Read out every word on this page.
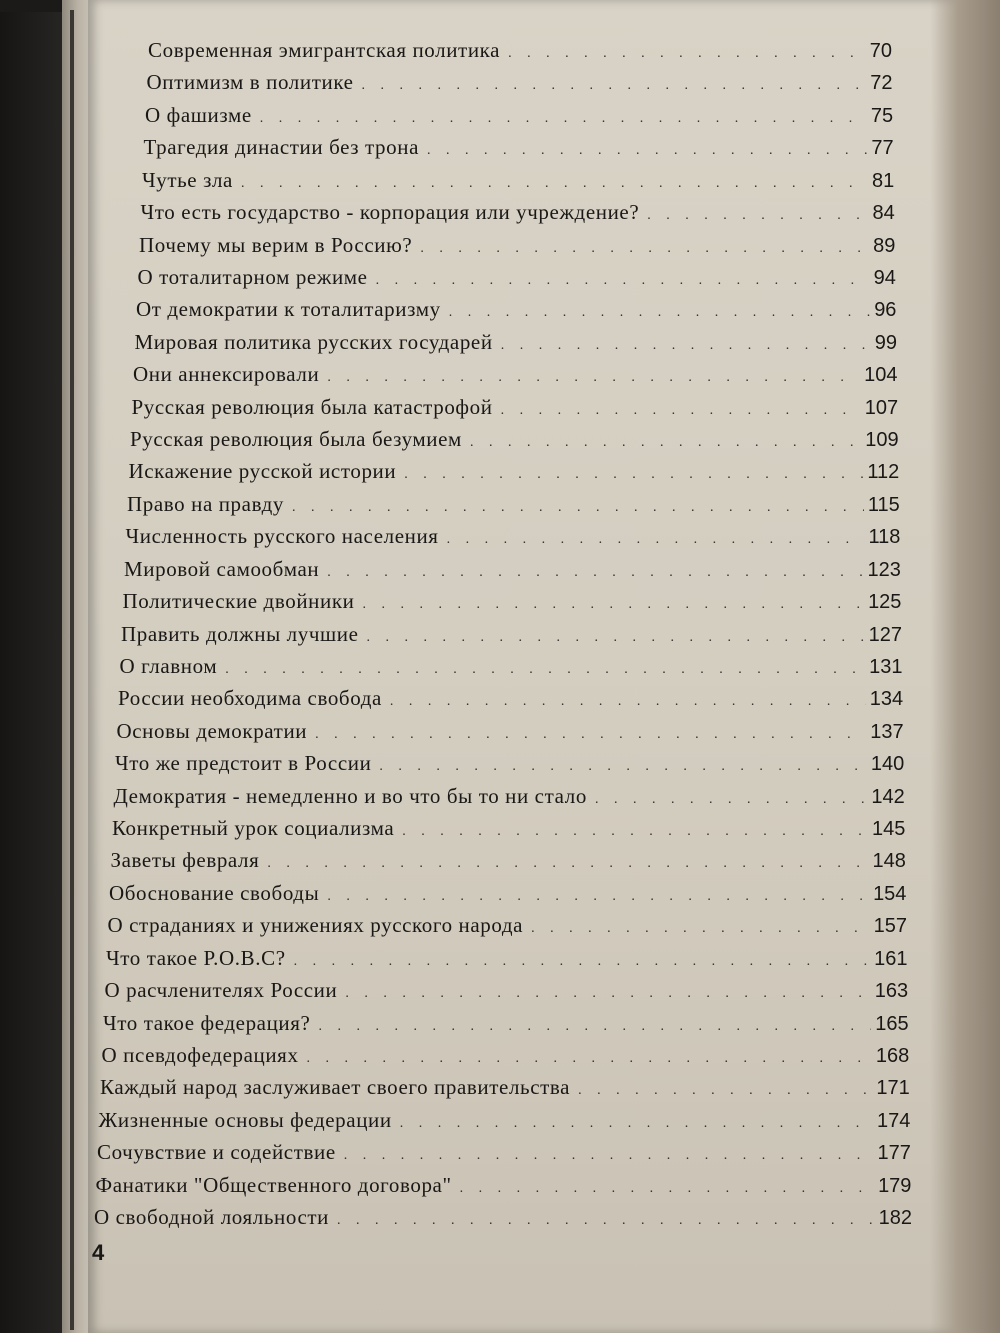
Современная эмигрантская политика . . .	70
Оптимизм в политике . . .	72
О фашизме . . .	75
Трагедия династии без трона . . .	77
Чутье зла . . .	81
Что есть государство - корпорация или учреждение? . . .	84
Почему мы верим в Россию? . . .	89
О тоталитарном режиме . . .	94
От демократии к тоталитаризму . . .	96
Мировая политика русских государей . . .	99
Они аннексировали . . .	104
Русская революция была катастрофой . . .	107
Русская революция была безумием . . .	109
Искажение русской истории . . .	112
Право на правду . . .	115
Численность русского населения . . .	118
Мировой самообман . . .	123
Политические двойники . . .	125
Править должны лучшие . . .	127
О главном . . .	131
России необходима свобода . . .	134
Основы демократии . . .	137
Что же предстоит в России . . .	140
Демократия - немедленно и во что бы то ни стало . . .	142
Конкретный урок социализма . . .	145
Заветы февраля . . .	148
Обоснование свободы . . .	154
О страданиях и унижениях русского народа . . .	157
Что такое Р.О.В.С? . . .	161
О расчленителях России . . .	163
Что такое федерация? . . .	165
О псевдофедерациях . . .	168
Каждый народ заслуживает своего правительства . . .	171
Жизненные основы федерации . . .	174
Сочувствие и содействие . . .	177
Фанатики "Общественного договора" . . .	179
О свободной лояльности . . .	182
4
